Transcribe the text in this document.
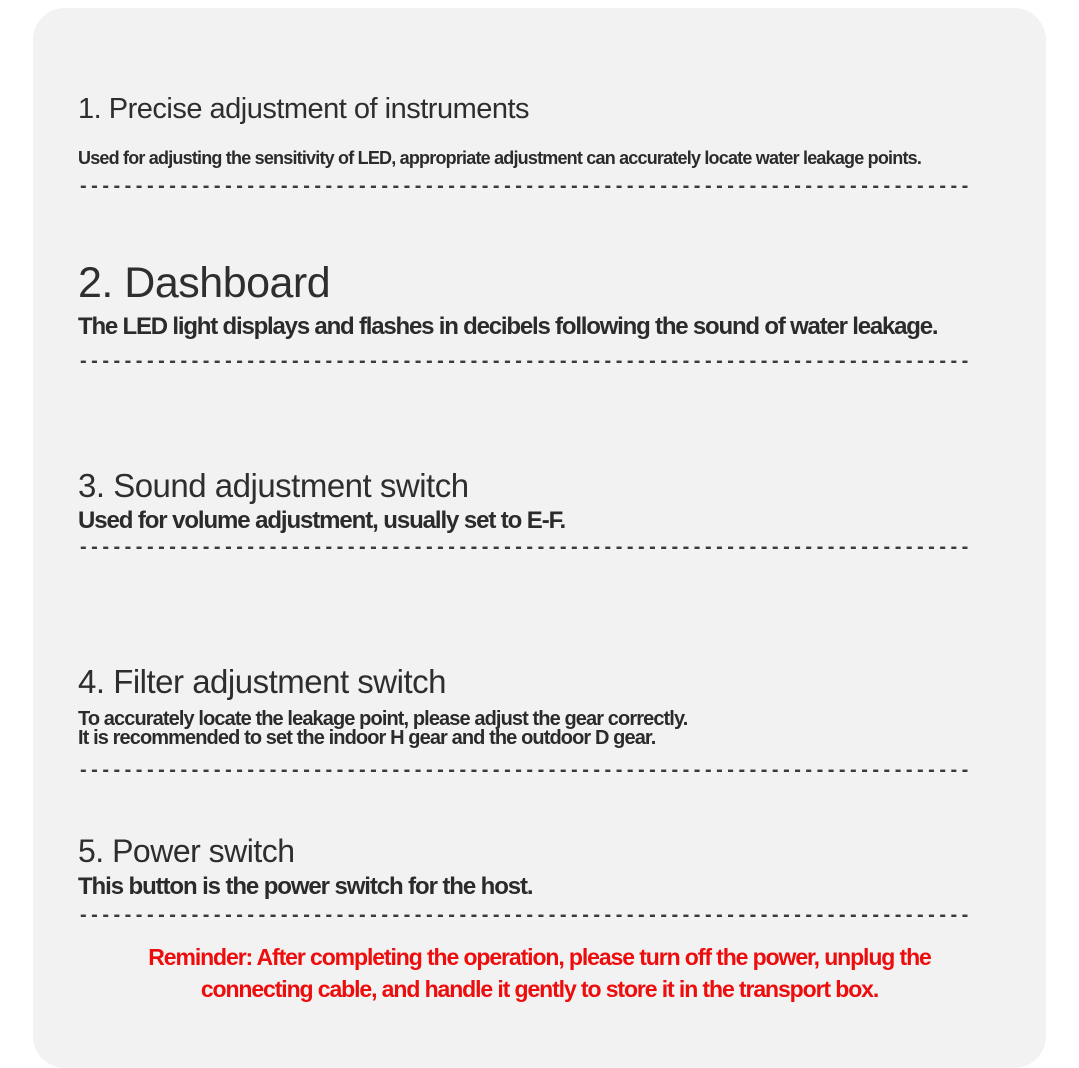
1. Precise adjustment of instruments

Used for adjusting the sensitivity of LED, appropriate adjustment can accurately locate water leakage points.

--------------------------------------------------------------------------------
2. Dashboard

The LED light displays and flashes in decibels following the sound of water leakage.

--------------------------------------------------------------------------------
3. Sound adjustment switch

Used for volume adjustment, usually set to E-F.

--------------------------------------------------------------------------------
4. Filter adjustment switch

To accurately locate the leakage point, please adjust the gear correctly.

It is recommended to set the indoor H gear and the outdoor D gear.

--------------------------------------------------------------------------------
5. Power switch

This button is the power switch for the host.

--------------------------------------------------------------------------------
Reminder: After completing the operation, please turn off the power, unplug the
connecting cable, and handle it gently to store it in the transport box.
